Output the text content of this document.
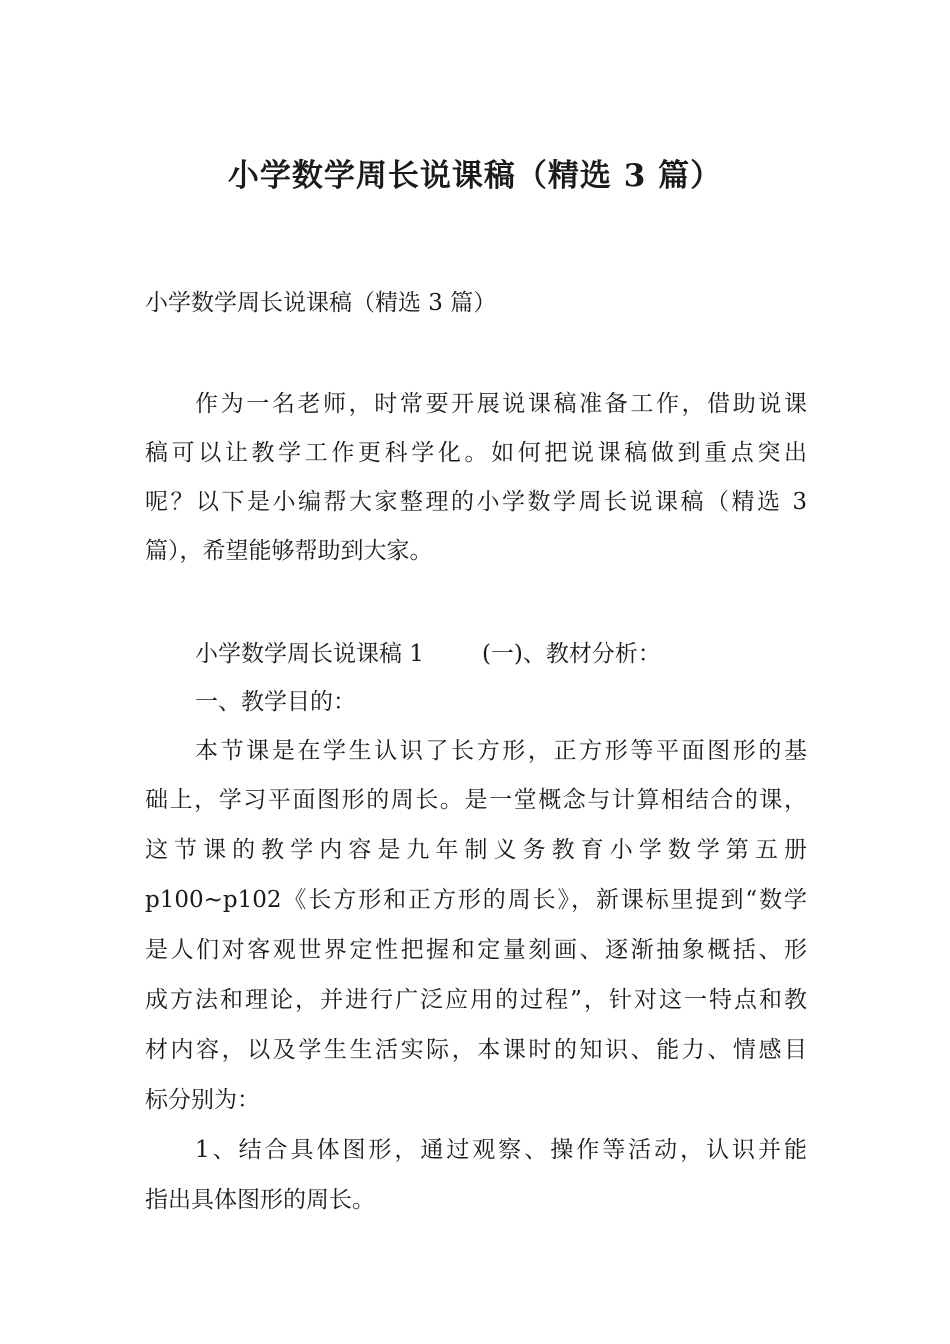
小学数学周长说课稿（精选 3 篇）

小学数学周长说课稿（精选 3 篇）

作为一名老师，时常要开展说课稿准备工作，借助说课

稿可以让教学工作更科学化。如何把说课稿做到重点突出

呢？以下是小编帮大家整理的小学数学周长说课稿（精选 3

篇），希望能够帮助到大家。

小学数学周长说课稿 1	(一)、教材分析：

一、教学目的：

本节课是在学生认识了长方形，正方形等平面图形的基

础上，学习平面图形的周长。是一堂概念与计算相结合的课，

这节课的教学内容是九年制义务教育小学数学第五册

p100~p102《长方形和正方形的周长》，新课标里提到“数学

是人们对客观世界定性把握和定量刻画、逐渐抽象概括、形

成方法和理论，并进行广泛应用的过程”，针对这一特点和教

材内容，以及学生生活实际，本课时的知识、能力、情感目

标分别为：

1、结合具体图形，通过观察、操作等活动，认识并能

指出具体图形的周长。
